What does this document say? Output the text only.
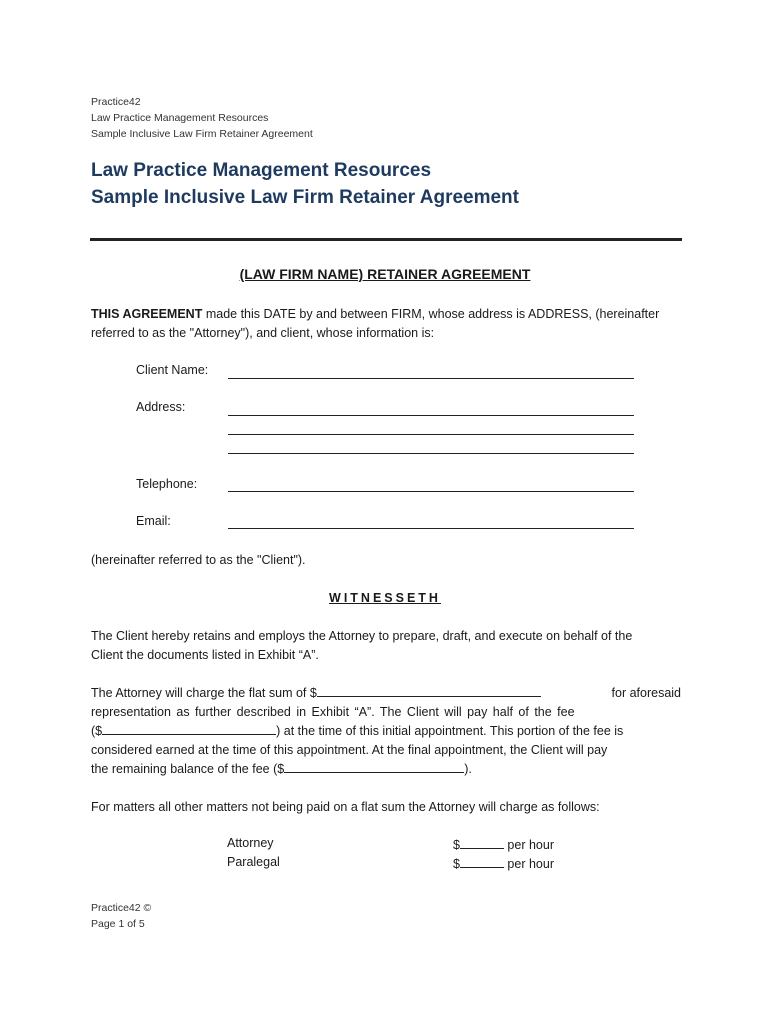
Practice42
Law Practice Management Resources
Sample Inclusive Law Firm Retainer Agreement
Law Practice Management Resources
Sample Inclusive Law Firm Retainer Agreement
(LAW FIRM NAME) RETAINER AGREEMENT
THIS AGREEMENT made this DATE by and between FIRM, whose address is ADDRESS, (hereinafter
referred to as the "Attorney"), and client, whose information is:
Client Name:
Address:
Telephone:
Email:
(hereinafter referred to as the "Client").
WITNESSETH
The Client hereby retains and employs the Attorney to prepare, draft, and execute on behalf of the
Client the documents listed in Exhibit “A”.
The Attorney will charge the flat sum of $	for aforesaid
representation as further described in Exhibit “A”. The Client will pay half of the fee
($	) at the time of this initial appointment. This portion of the fee is
considered earned at the time of this appointment. At the final appointment, the Client will pay
the remaining balance of the fee ($	).
For matters all other matters not being paid on a flat sum the Attorney will charge as follows:
Attorney	$	per hour
Paralegal	$	per hour
Practice42 ©
Page 1 of 5
